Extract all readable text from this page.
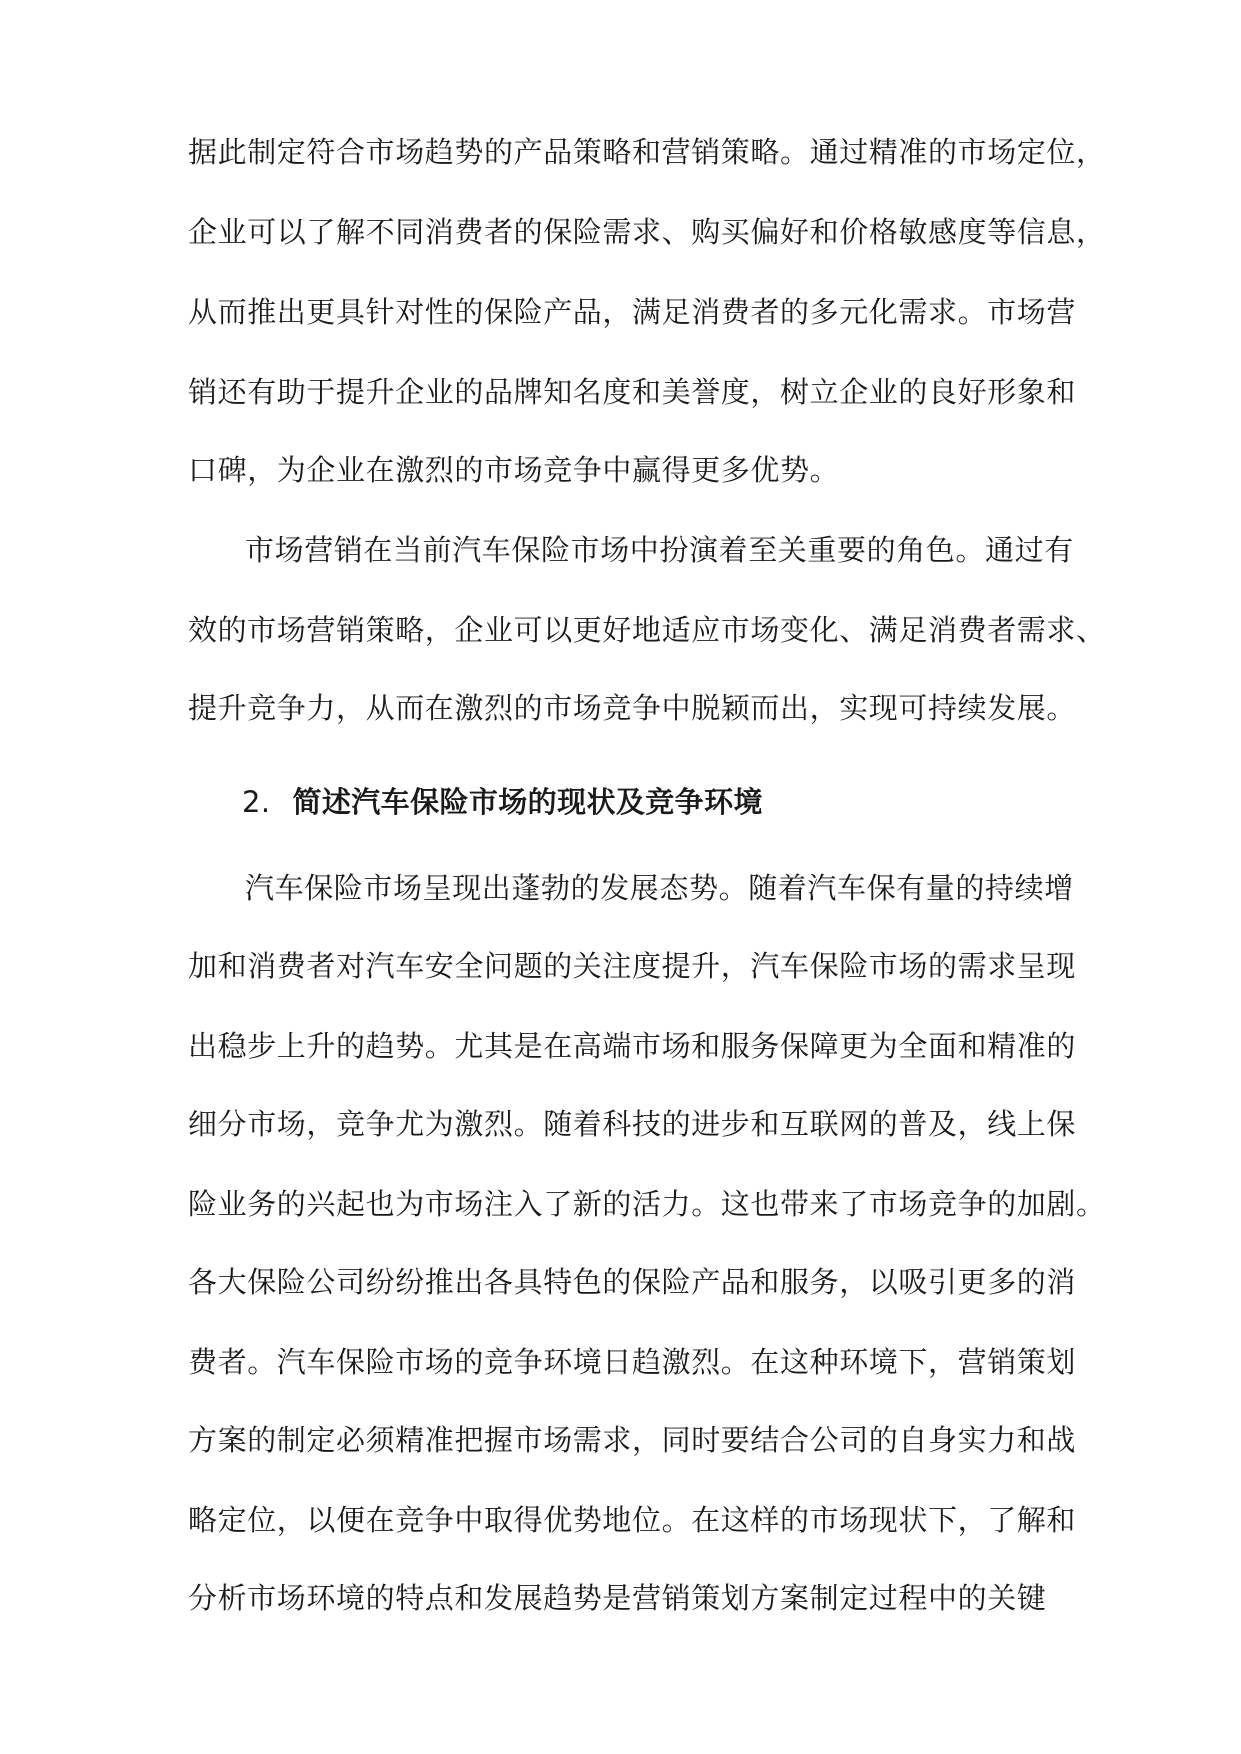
据此制定符合市场趋势的产品策略和营销策略。通过精准的市场定位，
企业可以了解不同消费者的保险需求、购买偏好和价格敏感度等信息，
从而推出更具针对性的保险产品，满足消费者的多元化需求。市场营
销还有助于提升企业的品牌知名度和美誉度，树立企业的良好形象和
口碑，为企业在激烈的市场竞争中赢得更多优势。
市场营销在当前汽车保险市场中扮演着至关重要的角色。通过有
效的市场营销策略，企业可以更好地适应市场变化、满足消费者需求、
提升竞争力，从而在激烈的市场竞争中脱颖而出，实现可持续发展。
2. 简述汽车保险市场的现状及竞争环境
汽车保险市场呈现出蓬勃的发展态势。随着汽车保有量的持续增
加和消费者对汽车安全问题的关注度提升，汽车保险市场的需求呈现
出稳步上升的趋势。尤其是在高端市场和服务保障更为全面和精准的
细分市场，竞争尤为激烈。随着科技的进步和互联网的普及，线上保
险业务的兴起也为市场注入了新的活力。这也带来了市场竞争的加剧。
各大保险公司纷纷推出各具特色的保险产品和服务，以吸引更多的消
费者。汽车保险市场的竞争环境日趋激烈。在这种环境下，营销策划
方案的制定必须精准把握市场需求，同时要结合公司的自身实力和战
略定位，以便在竞争中取得优势地位。在这样的市场现状下，了解和
分析市场环境的特点和发展趋势是营销策划方案制定过程中的关键
